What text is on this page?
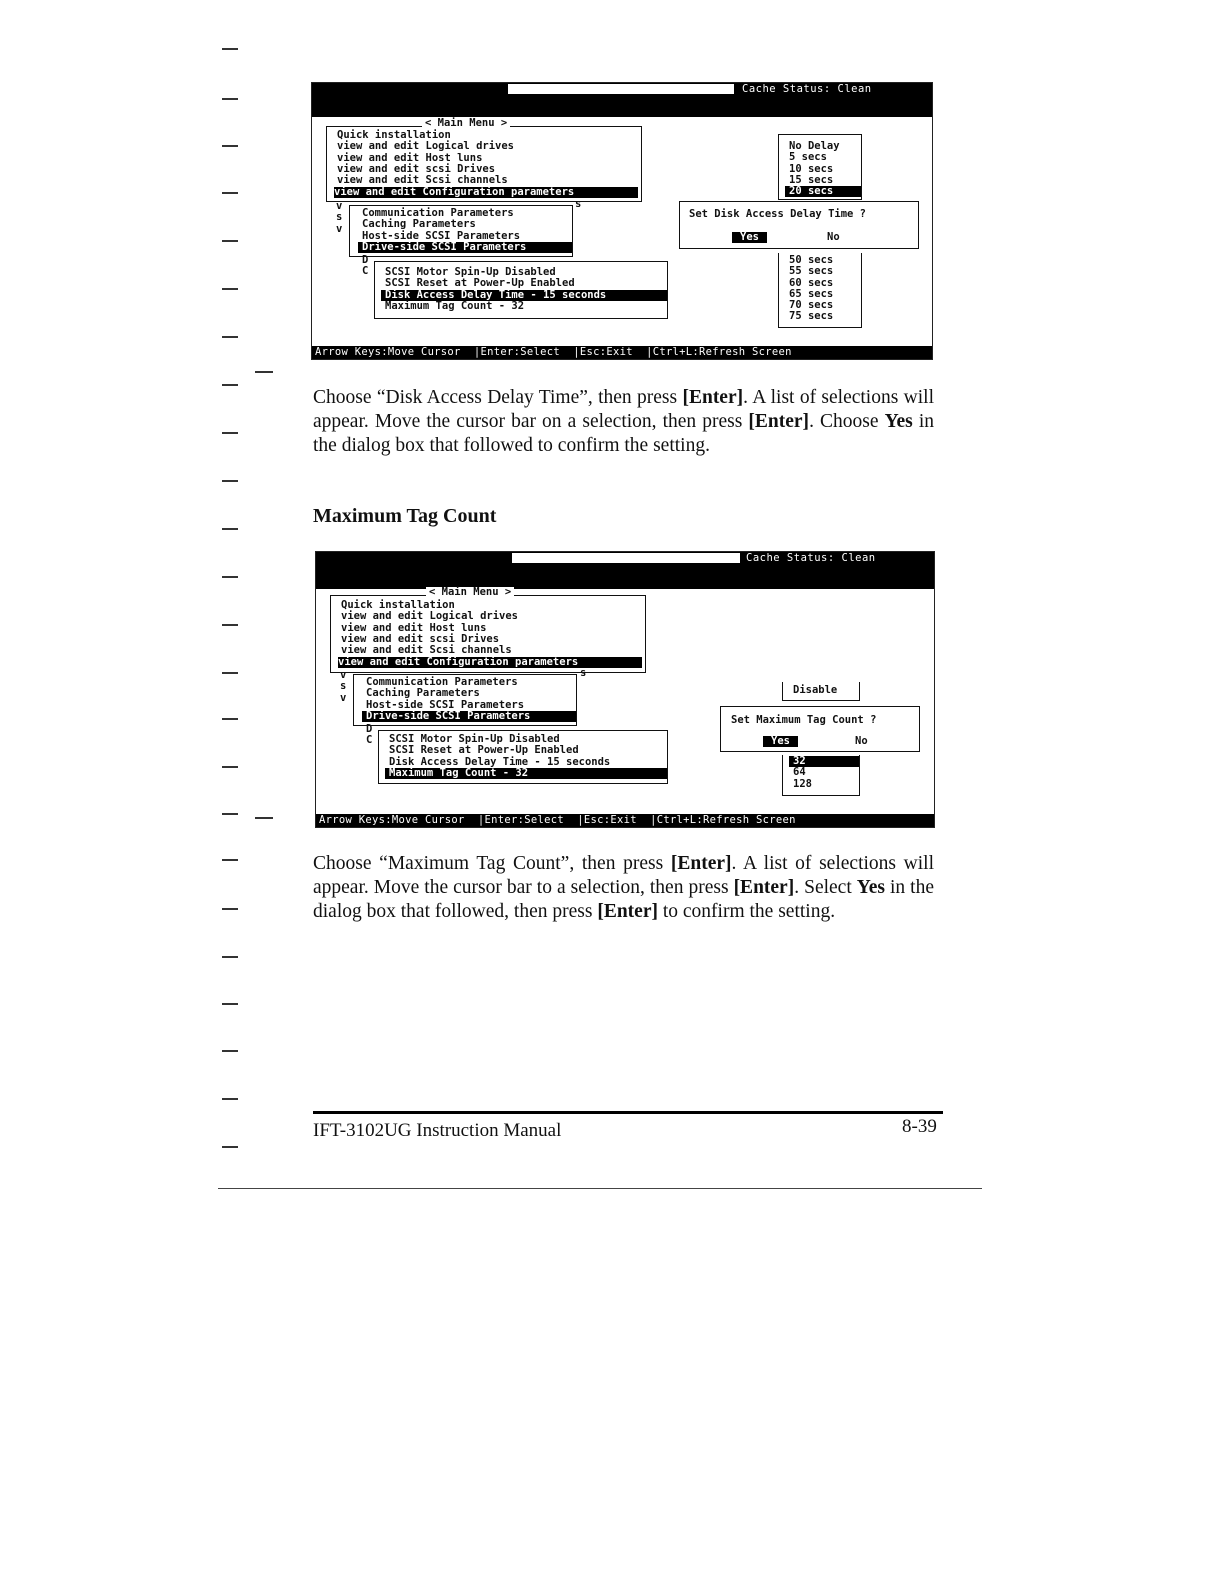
Cache Status: Clean
Quick installation
view and edit Logical drives
view and edit Host luns
view and edit scsi Drives
view and edit Scsi channels
< Main Menu >
view and edit Configuration parameters
s
v
s
v
Communication Parameters
Caching Parameters
Host-side SCSI Parameters
Drive-side SCSI Parameters
D
C SCSI Motor Spin-Up Disabled
SCSI Reset at Power-Up Enabled
Disk Access Delay Time - 15 seconds
Maximum Tag Count - 32
No Delay
5 secs
10 secs
15 secs
20 secs
Set Disk Access Delay Time ?
Yes	No
50 secs
55 secs
60 secs
65 secs
70 secs
75 secs
Arrow Keys:Move Cursor  |Enter:Select  |Esc:Exit  |Ctrl+L:Refresh Screen
Choose “Disk Access Delay Time”, then press [Enter]. A list of selections will appear. Move the cursor bar on a selection, then press [Enter]. Choose Yes in the dialog box that followed to confirm the setting.
Maximum Tag Count
Cache Status: Clean
Quick installation
view and edit Logical drives
view and edit Host luns
view and edit scsi Drives
view and edit Scsi channels
< Main Menu >
view and edit Configuration parameters
s
v
s
v
Communication Parameters
Caching Parameters
Host-side SCSI Parameters
Drive-side SCSI Parameters
D
C SCSI Motor Spin-Up Disabled
SCSI Reset at Power-Up Enabled
Disk Access Delay Time - 15 seconds
Maximum Tag Count - 32
Disable
Set Maximum Tag Count ?
Yes	No
32
64
128
Arrow Keys:Move Cursor  |Enter:Select  |Esc:Exit  |Ctrl+L:Refresh Screen
Choose “Maximum Tag Count”, then press [Enter]. A list of selections will appear. Move the cursor bar to a selection, then press [Enter]. Select Yes in the dialog box that followed, then press [Enter] to confirm the setting.
IFT-3102UG Instruction Manual	8-39
